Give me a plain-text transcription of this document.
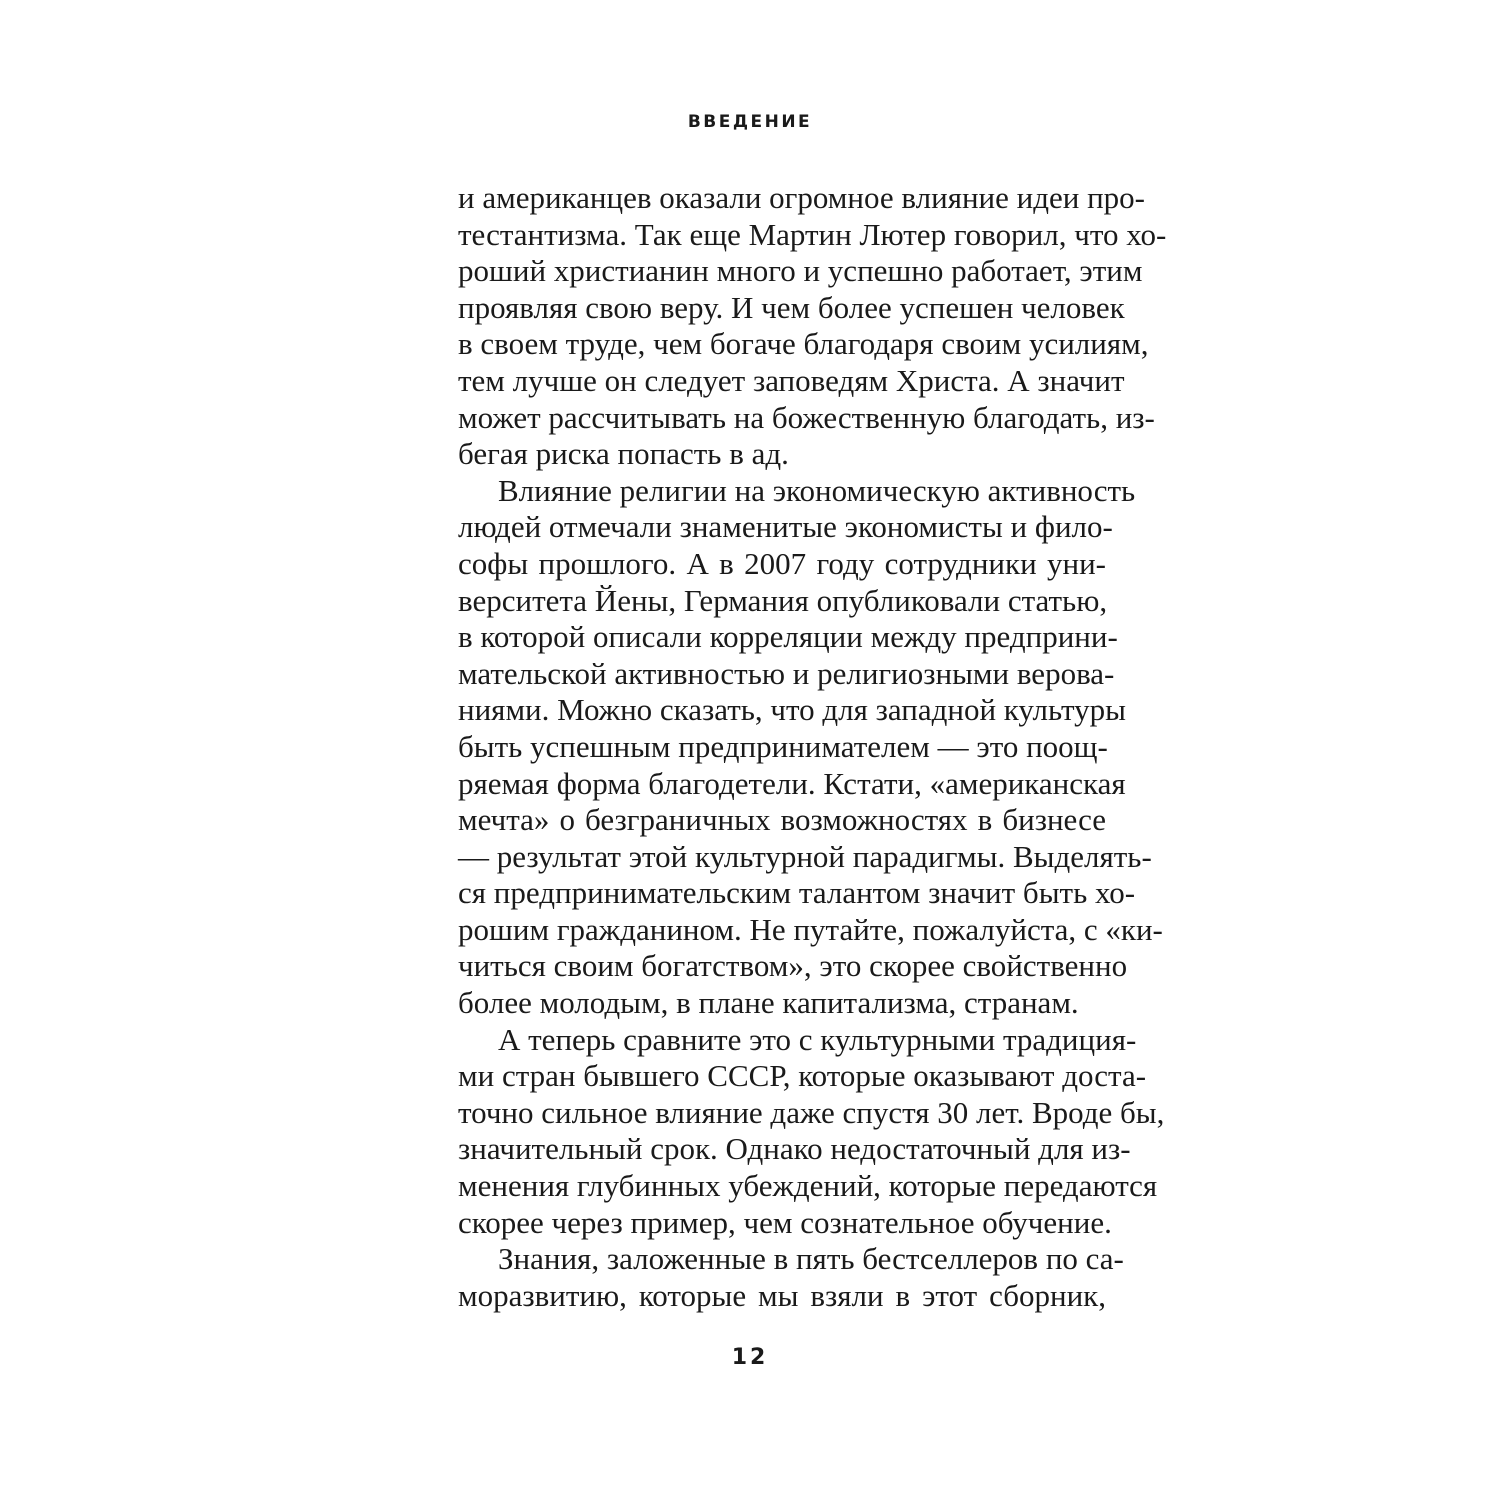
ВВЕДЕНИЕ
и американцев оказали огромное влияние идеи про-
тестантизма. Так еще Мартин Лютер говорил, что хо-
роший христианин много и успешно работает, этим
проявляя свою веру. И чем более успешен человек
в своем труде, чем богаче благодаря своим усилиям,
тем лучше он следует заповедям Христа. А значит
может рассчитывать на божественную благодать, из-
бегая риска попасть в ад.
Влияние религии на экономическую активность
людей отмечали знаменитые экономисты и фило-
софы прошлого. А в 2007 году сотрудники уни-
верситета Йены, Германия опубликовали статью,
в которой описали корреляции между предприни-
мательской активностью и религиозными верова-
ниями. Можно сказать, что для западной культуры
быть успешным предпринимателем — это поощ-
ряемая форма благодетели. Кстати, «американская
мечта» о безграничных возможностях в бизнесе
— результат этой культурной парадигмы. Выделять-
ся предпринимательским талантом значит быть хо-
рошим гражданином. Не путайте, пожалуйста, с «ки-
читься своим богатством», это скорее свойственно
более молодым, в плане капитализма, странам.
А теперь сравните это с культурными традиция-
ми стран бывшего СССР, которые оказывают доста-
точно сильное влияние даже спустя 30 лет. Вроде бы,
значительный срок. Однако недостаточный для из-
менения глубинных убеждений, которые передаются
скорее через пример, чем сознательное обучение.
Знания, заложенные в пять бестселлеров по са-
моразвитию, которые мы взяли в этот сборник,
12
